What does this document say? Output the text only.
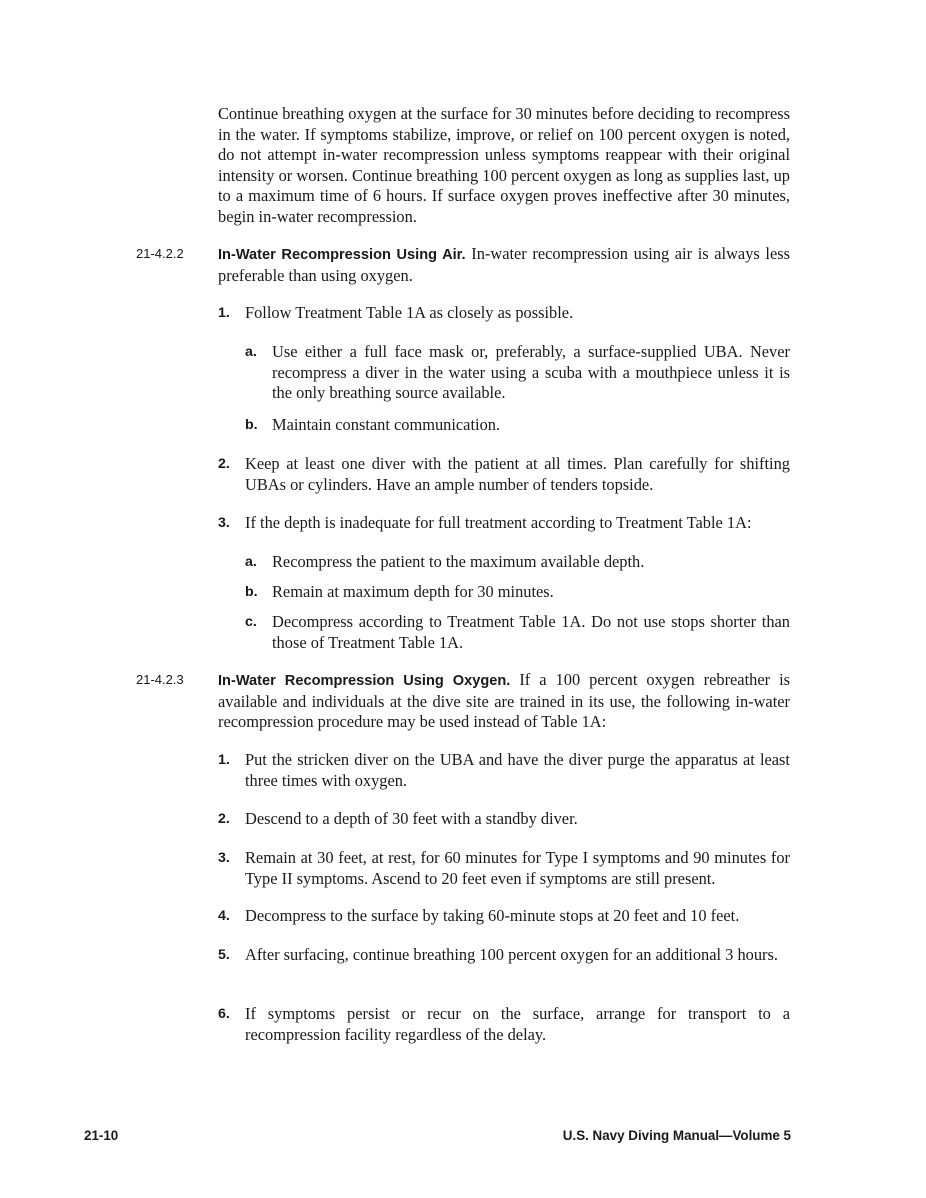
Continue breathing oxygen at the surface for 30 minutes before deciding to recompress in the water. If symptoms stabilize, improve, or relief on 100 percent oxygen is noted, do not attempt in-water recompression unless symptoms reappear with their original intensity or worsen. Continue breathing 100 percent oxygen as long as supplies last, up to a maximum time of 6 hours. If surface oxygen proves ineffective after 30 minutes, begin in-water recompression.

21-4.2.2 In-Water Recompression Using Air. In-water recompression using air is always less preferable than using oxygen.

1. Follow Treatment Table 1A as closely as possible.
a. Use either a full face mask or, preferably, a surface-supplied UBA. Never recompress a diver in the water using a scuba with a mouthpiece unless it is the only breathing source available.
b. Maintain constant communication.
2. Keep at least one diver with the patient at all times. Plan carefully for shifting UBAs or cylinders. Have an ample number of tenders topside.
3. If the depth is inadequate for full treatment according to Treatment Table 1A:
a. Recompress the patient to the maximum available depth.
b. Remain at maximum depth for 30 minutes.
c. Decompress according to Treatment Table 1A. Do not use stops shorter than those of Treatment Table 1A.
21-4.2.3 In-Water Recompression Using Oxygen. If a 100 percent oxygen rebreather is available and individuals at the dive site are trained in its use, the following in-water recompression procedure may be used instead of Table 1A:

1. Put the stricken diver on the UBA and have the diver purge the apparatus at least three times with oxygen.
2. Descend to a depth of 30 feet with a standby diver.
3. Remain at 30 feet, at rest, for 60 minutes for Type I symptoms and 90 minutes for Type II symptoms. Ascend to 20 feet even if symptoms are still present.
4. Decompress to the surface by taking 60-minute stops at 20 feet and 10 feet.
5. After surfacing, continue breathing 100 percent oxygen for an additional 3 hours.
6. If symptoms persist or recur on the surface, arrange for transport to a recompression facility regardless of the delay.
21-10	U.S. Navy Diving Manual—Volume 5
